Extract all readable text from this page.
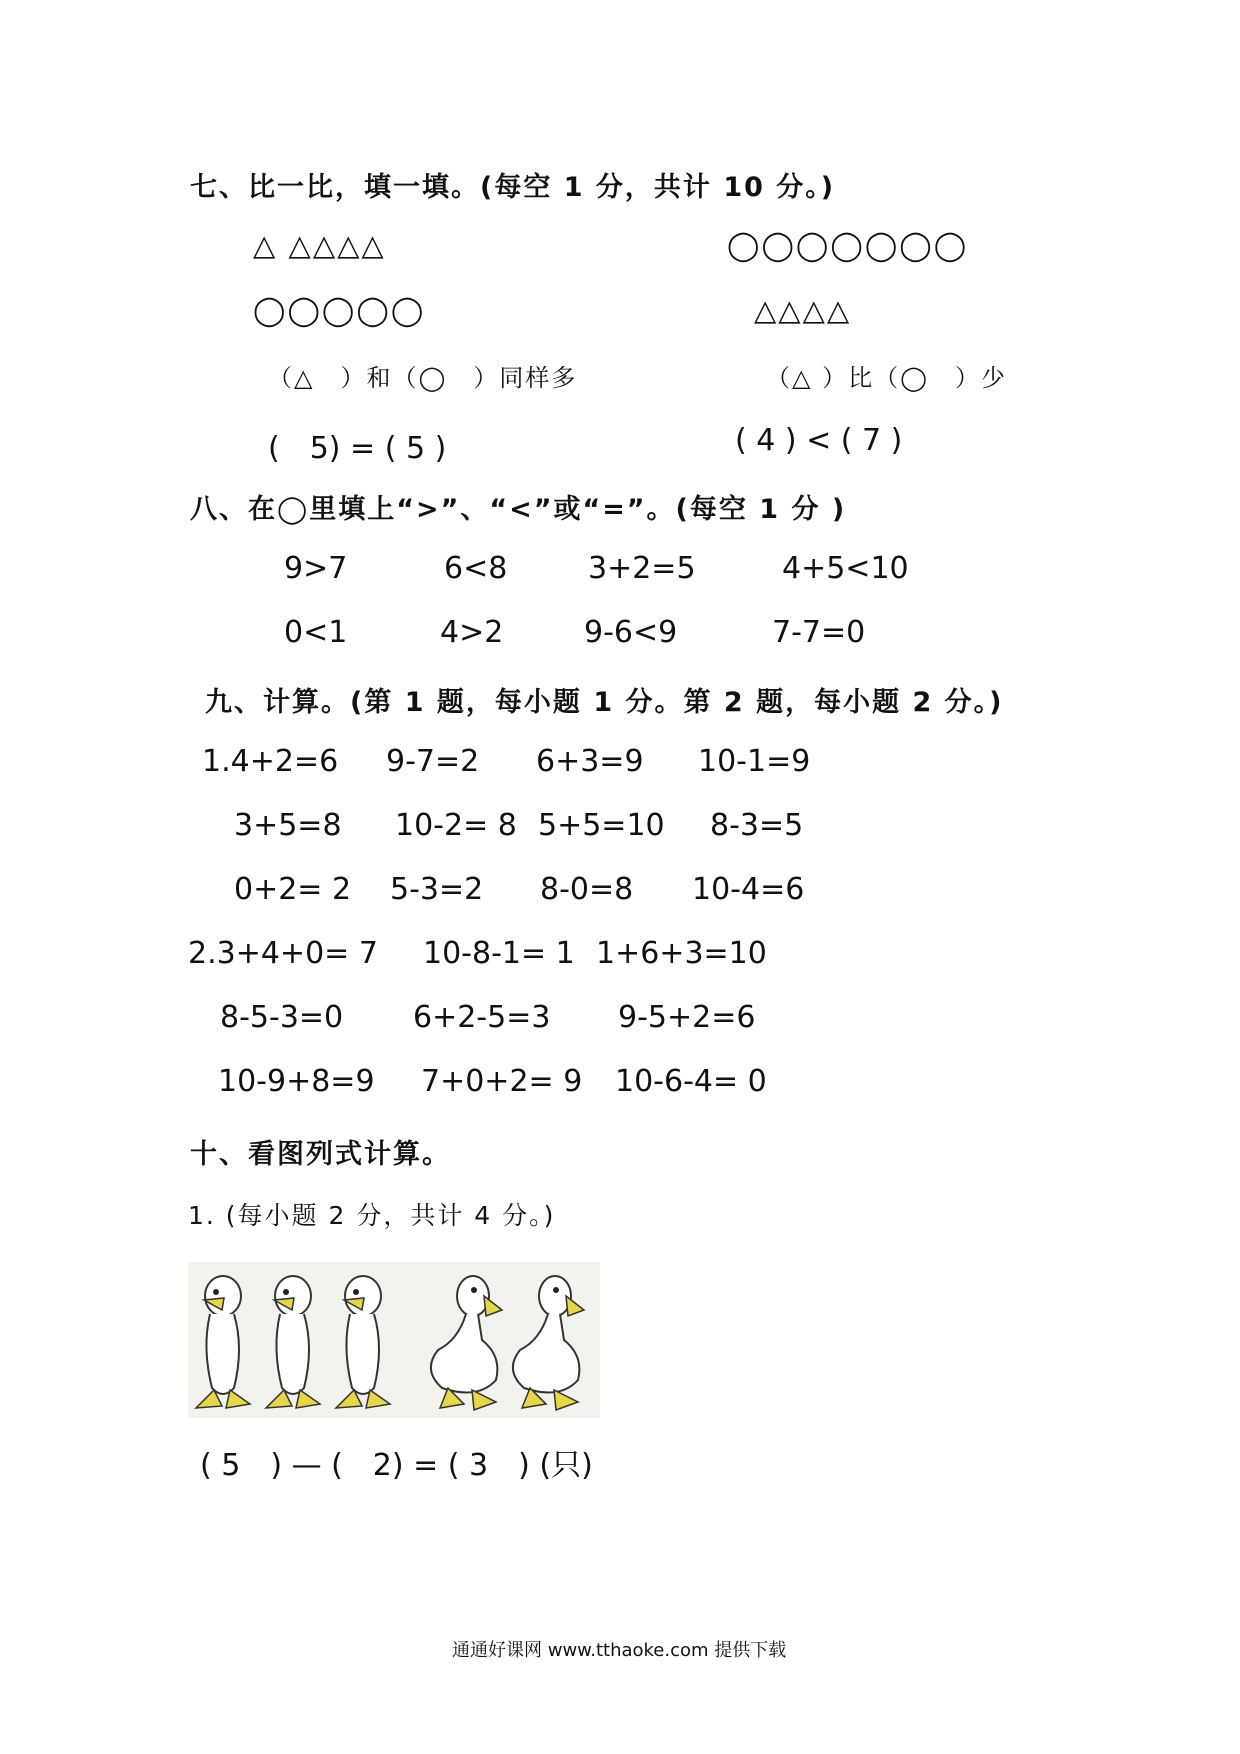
七、比一比，填一填。(每空 1 分，共计 10 分。)
△ △△△△	◯◯◯◯◯◯◯
◯◯◯◯◯	△△△△
（△　）和（◯　）同样多	（△ ）比（◯　）少
(　5) = ( 5 )	( 4 ) < ( 7 )
八、在◯里填上“>”、“<”或“=”。(每空 1 分 )
9>7	6<8	3+2=5	4+5<10
0<1	4>2	9-6<9	7-7=0
九、计算。(第 1 题，每小题 1 分。第 2 题，每小题 2 分。)
1.4+2=6 9-7=2 6+3=9 10-1=9
3+5=8 10-2= 8 5+5=10 8-3=5
0+2= 2 5-3=2 8-0=8 10-4=6
2.3+4+0= 7 10-8-1= 1 1+6+3=10
8-5-3=0 6+2-5=3 9-5+2=6
10-9+8=9 7+0+2= 9 10-6-4= 0
十、看图列式计算。
1. (每小题 2 分，共计 4 分。)
( 5　) — (　2) = ( 3　) (只)
通通好课网 www.tthaoke.com 提供下载
